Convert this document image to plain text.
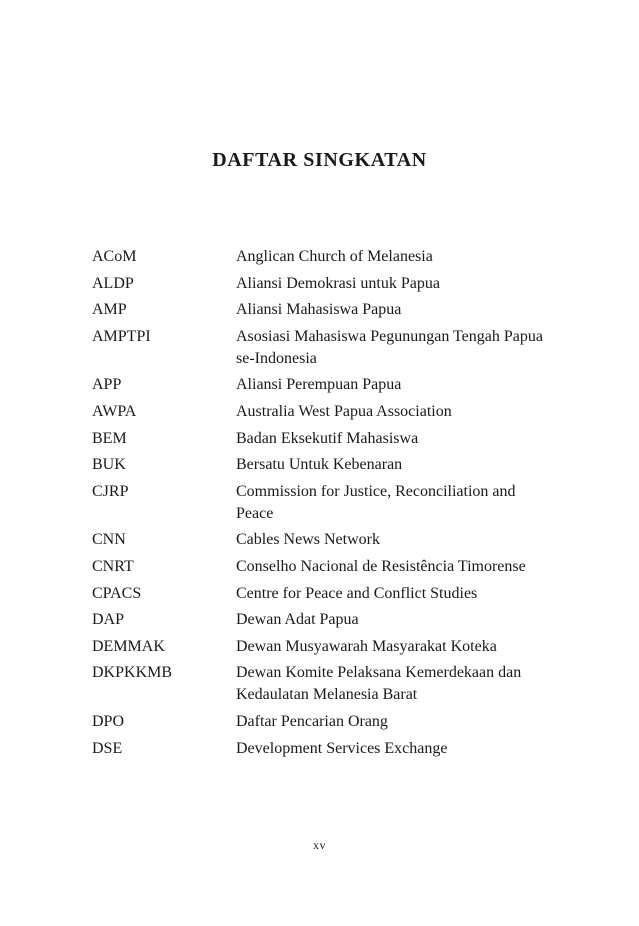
DAFTAR SINGKATAN
ACoM	Anglican Church of Melanesia
ALDP	Aliansi Demokrasi untuk Papua
AMP	Aliansi Mahasiswa Papua
AMPTPI	Asosiasi Mahasiswa Pegunungan Tengah Papua se-Indonesia
APP	Aliansi Perempuan Papua
AWPA	Australia West Papua Association
BEM	Badan Eksekutif Mahasiswa
BUK	Bersatu Untuk Kebenaran
CJRP	Commission for Justice, Reconciliation and Peace
CNN	Cables News Network
CNRT	Conselho Nacional de Resistência Timorense
CPACS	Centre for Peace and Conflict Studies
DAP	Dewan Adat Papua
DEMMAK	Dewan Musyawarah Masyarakat Koteka
DKPKKMB	Dewan Komite Pelaksana Kemerdekaan dan Kedaulatan Melanesia Barat
DPO	Daftar Pencarian Orang
DSE	Development Services Exchange
xv
